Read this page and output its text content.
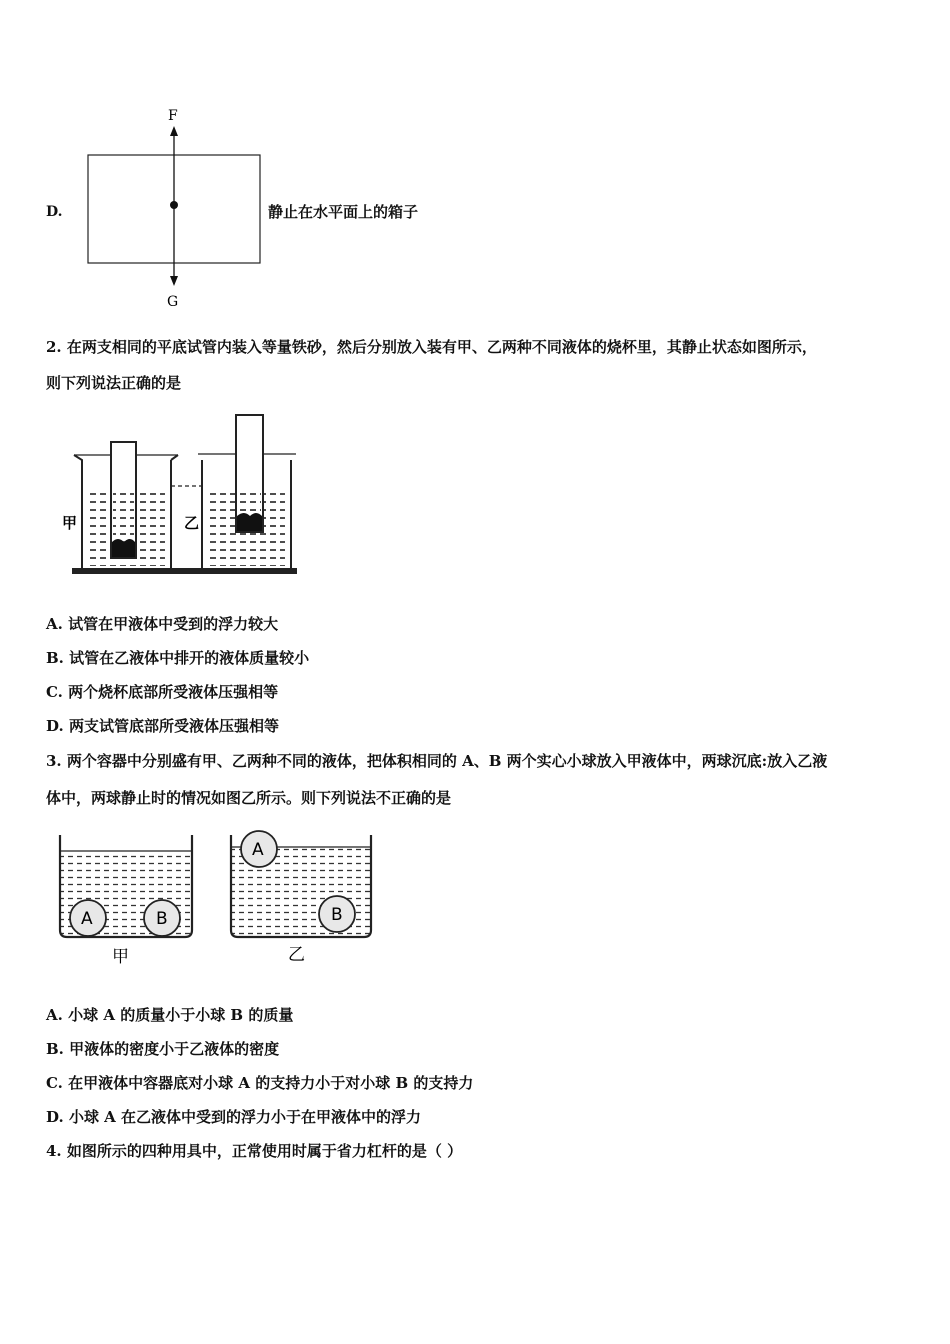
D.
F
G
静止在水平面上的箱子
2. 在两支相同的平底试管内装入等量铁砂，然后分别放入装有甲、乙两种不同液体的烧杯里，其静止状态如图所示，
则下列说法正确的是
甲	乙
A. 试管在甲液体中受到的浮力较大
B. 试管在乙液体中排开的液体质量较小
C. 两个烧杯底部所受液体压强相等
D. 两支试管底部所受液体压强相等
3. 两个容器中分别盛有甲、乙两种不同的液体，把体积相同的 A、B 两个实心小球放入甲液体中，两球沉底:放入乙液
体中，两球静止时的情况如图乙所示。则下列说法不正确的是
A	B
A
B
甲	乙
A. 小球 A 的质量小于小球 B 的质量
B. 甲液体的密度小于乙液体的密度
C. 在甲液体中容器底对小球 A 的支持力小于对小球 B 的支持力
D. 小球 A 在乙液体中受到的浮力小于在甲液体中的浮力
4. 如图所示的四种用具中，正常使用时属于省力杠杆的是（ ）
